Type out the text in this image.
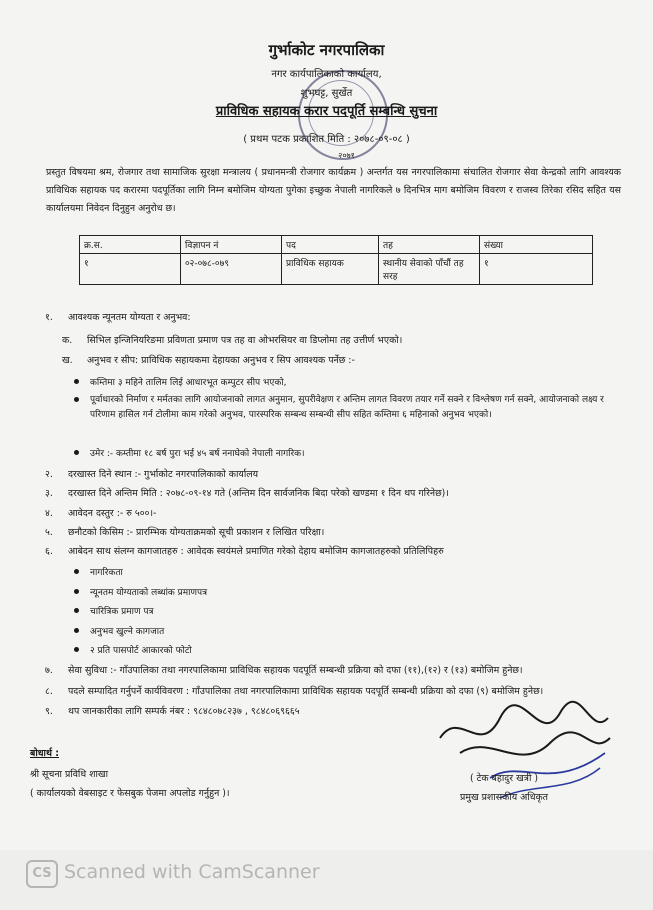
गुर्भाकोट नगरपालिका
नगर कार्यपालिकाको कार्यालय,
शुभघट्ट, सुर्खेत
प्राविधिक सहायक करार पदपूर्ति सम्बन्धि सुचना
( प्रथम पटक प्रकाशित मिति : २०७८-०९-०८ )
२०७१
प्रस्तुत विषयमा श्रम, रोजगार तथा सामाजिक सुरक्षा मन्त्रालय ( प्रधानमन्त्री रोजगार कार्यक्रम ) अन्तर्गत यस नगरपालिकामा संचालित रोजगार सेवा केन्द्रको लागि आवश्यक प्राविधिक सहायक पद करारमा पदपूर्तिका लागि निम्न बमोजिम योग्यता पुगेका इच्छुक नेपाली नागरिकले ७ दिनभित्र माग बमोजिम विवरण र राजस्व तिरेका रसिद सहित यस कार्यालयमा निवेदन दिनुहुन अनुरोध छ।
क्र.स.	विज्ञापन नं	पद	तह	संख्या
१	०२-०७८-०७९	प्राविधिक सहायक	स्थानीय सेवाको पाँचौं तह सरह	१
१. आवश्यक न्यूनतम योग्यता र अनुभव:
क. सिभिल इन्जिनियरिङमा प्रविणता प्रमाण पत्र तह वा ओभरसियर वा डिप्लोमा तह उत्तीर्ण भएको।
ख. अनुभव र सीप: प्राविधिक सहायकमा देहायका अनुभव र सिप आवश्यक पर्नेछ :-
कम्तिमा ३ महिने तालिम लिई आधारभूत कम्पुटर सीप भएको,
पूर्वाधारको निर्माण र मर्मतका लागि आयोजनाको लागत अनुमान, सुपरीवेक्षण र अन्तिम लागत विवरण तयार गर्ने सक्ने र विश्लेषण गर्न सक्ने, आयोजनाको लक्ष्य र परिणाम हासिल गर्न टोलीमा काम गरेको अनुभव, पारस्परिक सम्बन्ध सम्बन्धी सीप सहित कम्तिमा ६ महिनाको अनुभव भएको।
उमेर :- कम्तीमा १८ बर्ष पुरा भई ४५ बर्ष ननाघेको नेपाली नागरिक।
२. दरखास्त दिने स्थान :- गुर्भाकोट नगरपालिकाको कार्यालय
३. दरखास्त दिने अन्तिम मिति : २०७८-०९-१४ गते (अन्तिम दिन सार्वजनिक बिदा परेको खण्डमा १ दिन थप गरिनेछ)।
४. आवेदन दस्तुर :- रु ५००।-
५. छनौटको किसिम :- प्रारम्भिक योग्यताक्रमको सूची प्रकाशन र लिखित परिक्षा।
६. आबेदन साथ संलग्न कागजातहरु : आवेदक स्वयंमले प्रमाणित गरेको देहाय बमोजिम कागजातहरुको प्रतिलिपिहरु
नागरिकता
न्यूनतम योग्यताको लब्धांक प्रमाणपत्र
चारित्रिक प्रमाण पत्र
अनुभव खुल्ने कागजात
२ प्रति पासपोर्ट आकारको फोटो
७. सेवा सुविधा :- गाँउपालिका तथा नगरपालिकामा प्राविधिक सहायक पदपूर्ति सम्बन्धी प्रक्रिया को दफा (११),(१२) र (१३) बमोजिम हुनेछ।
८. पदले सम्पादित गर्नुपर्ने कार्यविवरण : गाँउपालिका तथा नगरपालिकामा प्राविधिक सहायक पदपूर्ति सम्बन्धी प्रक्रिया को दफा (९) बमोजिम हुनेछ।
९. थप जानकारीका लागि सम्पर्क नंबर : ९८४८०७८२३७ , ९८४८०६९६६५
बोधार्थ :
श्री सूचना प्रविधि शाखा
( कार्यालयको वेबसाइट र फेसबुक पेजमा अपलोड गर्नुहुन )।
( टेक बहादुर खत्री )
प्रमुख प्रशासकीय अधिकृत
CS Scanned with CamScanner
